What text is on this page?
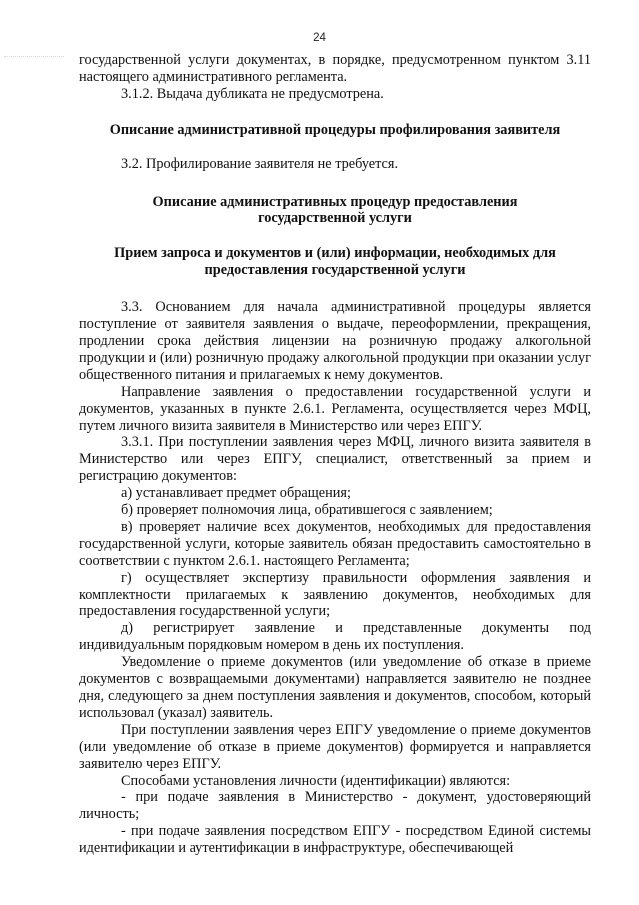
24

государственной услуги документах, в порядке, предусмотренном пунктом 3.11 настоящего административного регламента.

3.1.2. Выдача дубликата не предусмотрена.

Описание административной процедуры профилирования заявителя

3.2. Профилирование заявителя не требуется.

Описание административных процедур предоставления государственной услуги

Прием запроса и документов и (или) информации, необходимых для предоставления государственной услуги

3.3. Основанием для начала административной процедуры является поступление от заявителя заявления о выдаче, переоформлении, прекращения, продлении срока действия лицензии на розничную продажу алкогольной продукции и (или) розничную продажу алкогольной продукции при оказании услуг общественного питания и прилагаемых к нему документов.

Направление заявления о предоставлении государственной услуги и документов, указанных в пункте 2.6.1. Регламента, осуществляется через МФЦ, путем личного визита заявителя в Министерство или через ЕПГУ.

3.3.1. При поступлении заявления через МФЦ, личного визита заявителя в Министерство или через ЕПГУ, специалист, ответственный за прием и регистрацию документов:

а) устанавливает предмет обращения;

б) проверяет полномочия лица, обратившегося с заявлением;

в) проверяет наличие всех документов, необходимых для предоставления государственной услуги, которые заявитель обязан предоставить самостоятельно в соответствии с пунктом 2.6.1. настоящего Регламента;

г) осуществляет экспертизу правильности оформления заявления и комплектности прилагаемых к заявлению документов, необходимых для предоставления государственной услуги;

д) регистрирует заявление и представленные документы под индивидуальным порядковым номером в день их поступления.

Уведомление о приеме документов (или уведомление об отказе в приеме документов с возвращаемыми документами) направляется заявителю не позднее дня, следующего за днем поступления заявления и документов, способом, который использовал (указал) заявитель.

При поступлении заявления через ЕПГУ уведомление о приеме документов (или уведомление об отказе в приеме документов) формируется и направляется заявителю через ЕПГУ.

Способами установления личности (идентификации) являются:

- при подаче заявления в Министерство - документ, удостоверяющий личность;

- при подаче заявления посредством ЕПГУ - посредством Единой системы идентификации и аутентификации в инфраструктуре, обеспечивающей
